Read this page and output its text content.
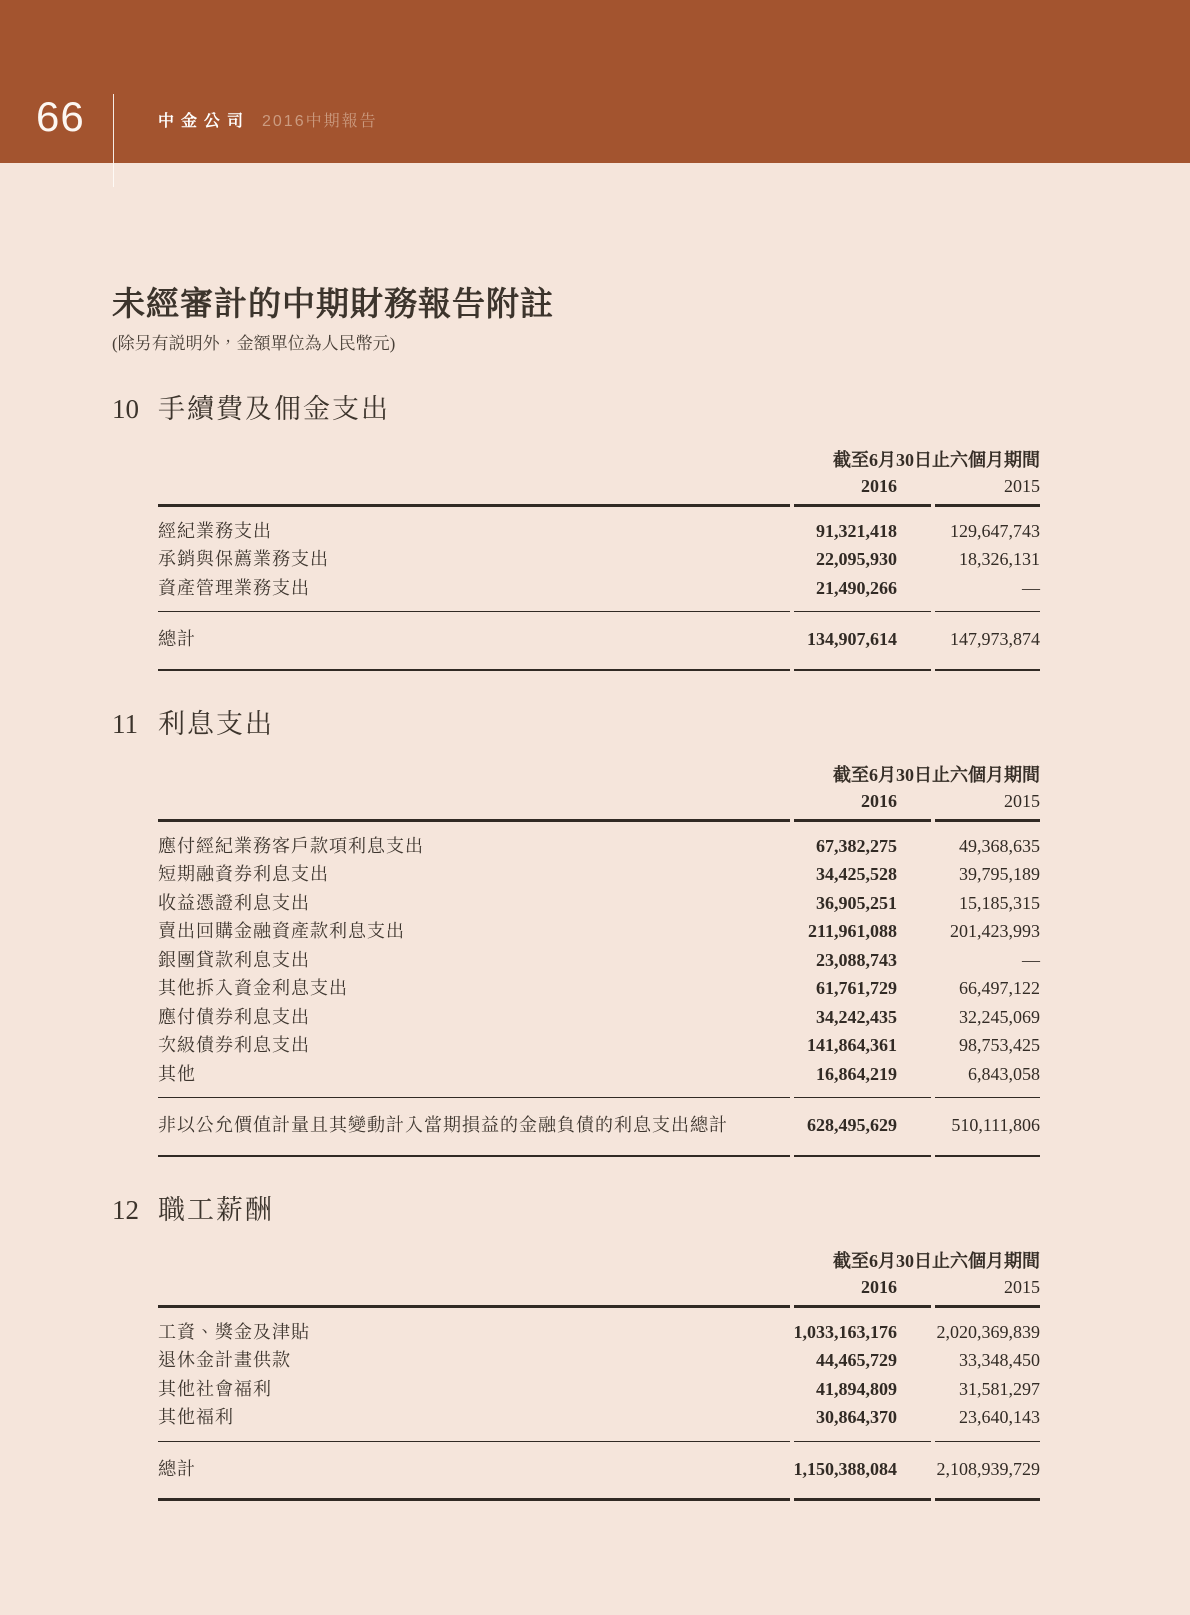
66	中金公司 2016中期報告
未經審計的中期財務報告附註

(除另有説明外，金額單位為人民幣元)

10 手續費及佣金支出
截至6月30日止六個月期間
2016	2015
經紀業務支出	91,321,418	129,647,743
承銷與保薦業務支出	22,095,930	18,326,131
資產管理業務支出	21,490,266	—
總計	134,907,614	147,973,874
11 利息支出
截至6月30日止六個月期間
2016	2015
應付經紀業務客戶款項利息支出	67,382,275	49,368,635
短期融資券利息支出	34,425,528	39,795,189
收益憑證利息支出	36,905,251	15,185,315
賣出回購金融資產款利息支出	211,961,088	201,423,993
銀團貸款利息支出	23,088,743	—
其他拆入資金利息支出	61,761,729	66,497,122
應付債券利息支出	34,242,435	32,245,069
次級債券利息支出	141,864,361	98,753,425
其他	16,864,219	6,843,058
非以公允價值計量且其變動計入當期損益的金融負債的利息支出總計	628,495,629	510,111,806
12 職工薪酬
截至6月30日止六個月期間
2016	2015
工資、獎金及津貼	1,033,163,176	2,020,369,839
退休金計畫供款	44,465,729	33,348,450
其他社會福利	41,894,809	31,581,297
其他福利	30,864,370	23,640,143
總計	1,150,388,084	2,108,939,729
